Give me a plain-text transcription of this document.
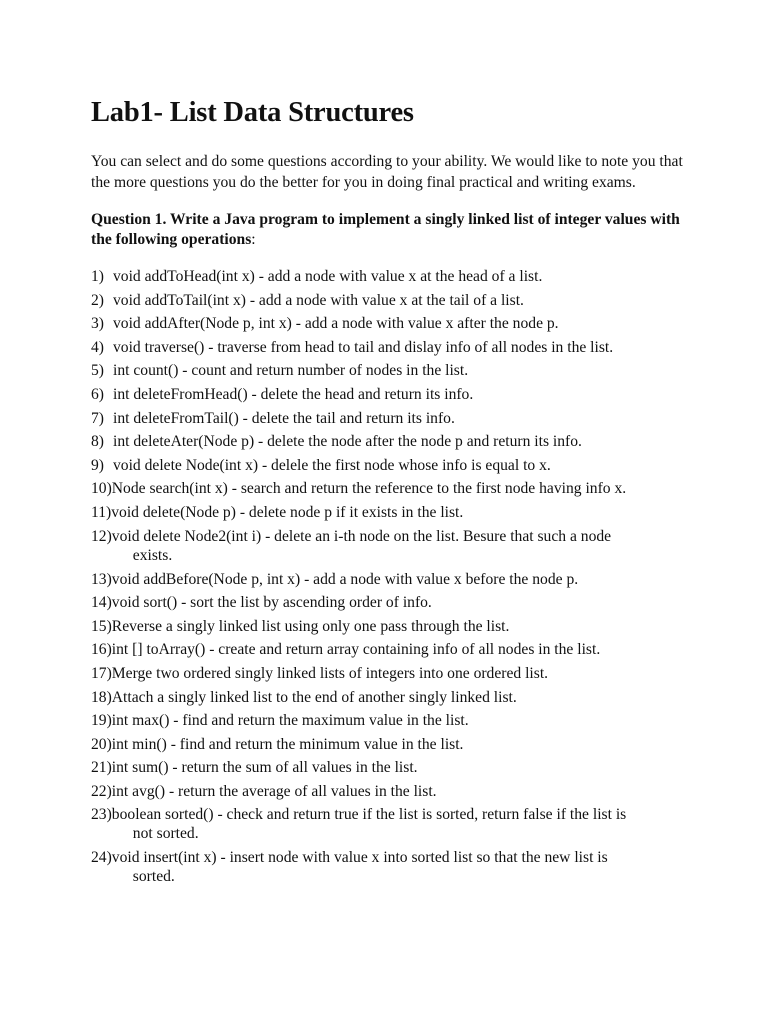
Lab1- List Data Structures

You can select and do some questions according to your ability. We would like to note you that the more questions you do the better for you in doing final practical and writing exams.

Question 1. Write a Java program to implement a singly linked list of integer values with the following operations:

1) void addToHead(int x) - add a node with value x at the head of a list.
2) void addToTail(int x) - add a node with value x at the tail of a list.
3) void addAfter(Node p, int x) - add a node with value x after the node p.
4) void traverse() - traverse from head to tail and dislay info of all nodes in the list.
5) int count() - count and return number of nodes in the list.
6) int deleteFromHead() - delete the head and return its info.
7) int deleteFromTail() - delete the tail and return its info.
8) int deleteAter(Node p) - delete the node after the node p and return its info.
9) void delete Node(int x) - delele the first node whose info is equal to x.
10) Node search(int x) - search and return the reference to the first node having info x.
11) void delete(Node p) - delete node p if it exists in the list.
12) void delete Node2(int i) - delete an i-th node on the list. Besure that such a node
exists.
13) void addBefore(Node p, int x) - add a node with value x before the node p.
14) void sort() - sort the list by ascending order of info.
15) Reverse a singly linked list using only one pass through the list.
16) int [] toArray() - create and return array containing info of all nodes in the list.
17) Merge two ordered singly linked lists of integers into one ordered list.
18) Attach a singly linked list to the end of another singly linked list.
19) int max() - find and return the maximum value in the list.
20) int min() - find and return the minimum value in the list.
21) int sum() - return the sum of all values in the list.
22) int avg() - return the average of all values in the list.
23) boolean sorted() - check and return true if the list is sorted, return false if the list is
not sorted.
24) void insert(int x) - insert node with value x into sorted list so that the new list is
sorted.
